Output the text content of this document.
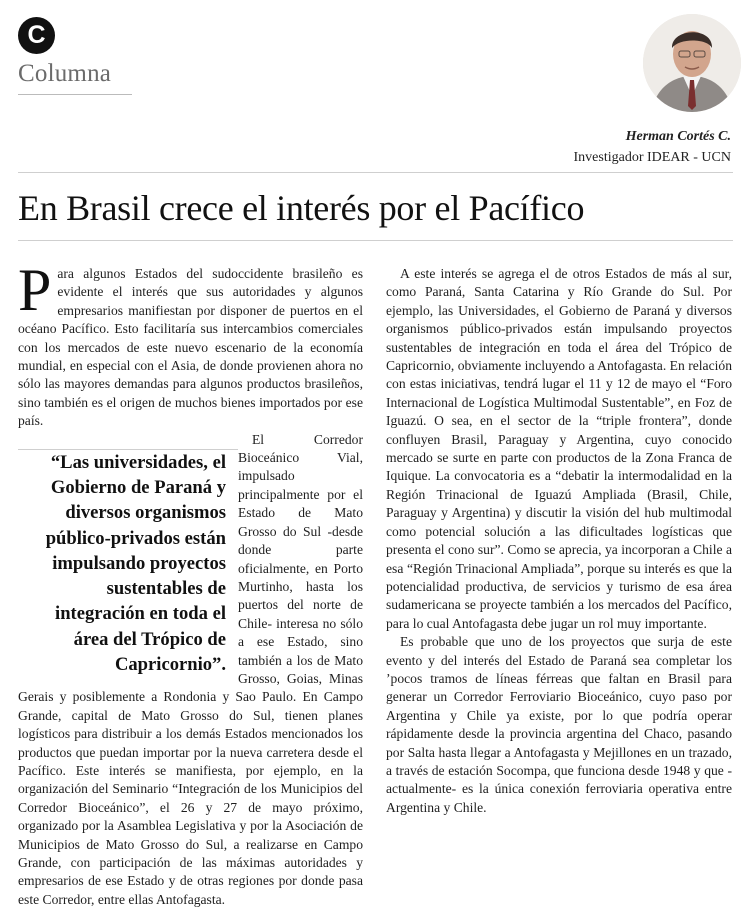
C
Columna
Herman Cortés C.
Investigador IDEAR - UCN
En Brasil crece el interés por el Pacífico
P ara algunos Estados del sudoccidente brasileño es evidente el interés que sus autoridades y algunos empresarios manifiestan por disponer de puertos en el océano Pacífico. Esto facilitaría sus intercambios comerciales con los mercados de este nuevo escenario de la economía mundial, en especial con el Asia, de donde provienen ahora no sólo las mayores demandas para algunos productos brasileños, sino también es el origen de muchos bienes importados por ese país.

“Las universidades, el Gobierno de Paraná y diversos organismos público-privados están impulsando proyectos sustentables de integración en toda el área del Trópico de Capricornio”.

El Corredor Bioceánico Vial, impulsado principalmente por el Estado de Mato Grosso do Sul -desde donde parte oficialmente, en Porto Murtinho, hasta los puertos del norte de Chile- interesa no sólo a ese Estado, sino también a los de Mato Grosso, Goias, Minas Gerais y posiblemente a Rondonia y Sao Paulo. En Campo Grande, capital de Mato Grosso do Sul, tienen planes logísticos para distribuir a los demás Estados mencionados los productos que puedan importar por la nueva carretera desde el Pacífico. Este interés se manifiesta, por ejemplo, en la organización del Seminario “Integración de los Municipios del Corredor Bioceánico”, el 26 y 27 de mayo próximo, organizado por la Asamblea Legislativa y por la Asociación de Municipios de Mato Grosso do Sul, a realizarse en Campo Grande, con participación de las máximas autoridades y empresarios de ese Estado y de otras regiones por donde pasa este Corredor, entre ellas Antofagasta.

A este interés se agrega el de otros Estados de más al sur, como Paraná, Santa Catarina y Río Grande do Sul. Por ejemplo, las Universidades, el Gobierno de Paraná y diversos organismos público-privados están impulsando proyectos sustentables de integración en toda el área del Trópico de Capricornio, obviamente incluyendo a Antofagasta. En relación con estas iniciativas, tendrá lugar el 11 y 12 de mayo el “Foro Internacional de Logística Multimodal Sustentable”, en Foz de Iguazú. O sea, en el sector de la “triple frontera”, donde confluyen Brasil, Paraguay y Argentina, cuyo conocido mercado se surte en parte con productos de la Zona Franca de Iquique. La convocatoria es a “debatir la intermodalidad en la Región Trinacional de Iguazú Ampliada (Brasil, Chile, Paraguay y Argentina) y discutir la visión del hub multimodal como potencial solución a las dificultades logísticas que presenta el cono sur”. Como se aprecia, ya incorporan a Chile a esa “Región Trinacional Ampliada”, porque su interés es que la potencialidad productiva, de servicios y turismo de esa área sudamericana se proyecte también a los mercados del Pacífico, para lo cual Antofagasta debe jugar un rol muy importante.

Es probable que uno de los proyectos que surja de este evento y del interés del Estado de Paraná sea completar los ’pocos tramos de líneas férreas que faltan en Brasil para generar un Corredor Ferroviario Bioceánico, cuyo paso por Argentina y Chile ya existe, por lo que podría operar rápidamente desde la provincia argentina del Chaco, pasando por Salta hasta llegar a Antofagasta y Mejillones en un trazado, a través de estación Socompa, que funciona desde 1948 y que -actualmente- es la única conexión ferroviaria operativa entre Argentina y Chile.
